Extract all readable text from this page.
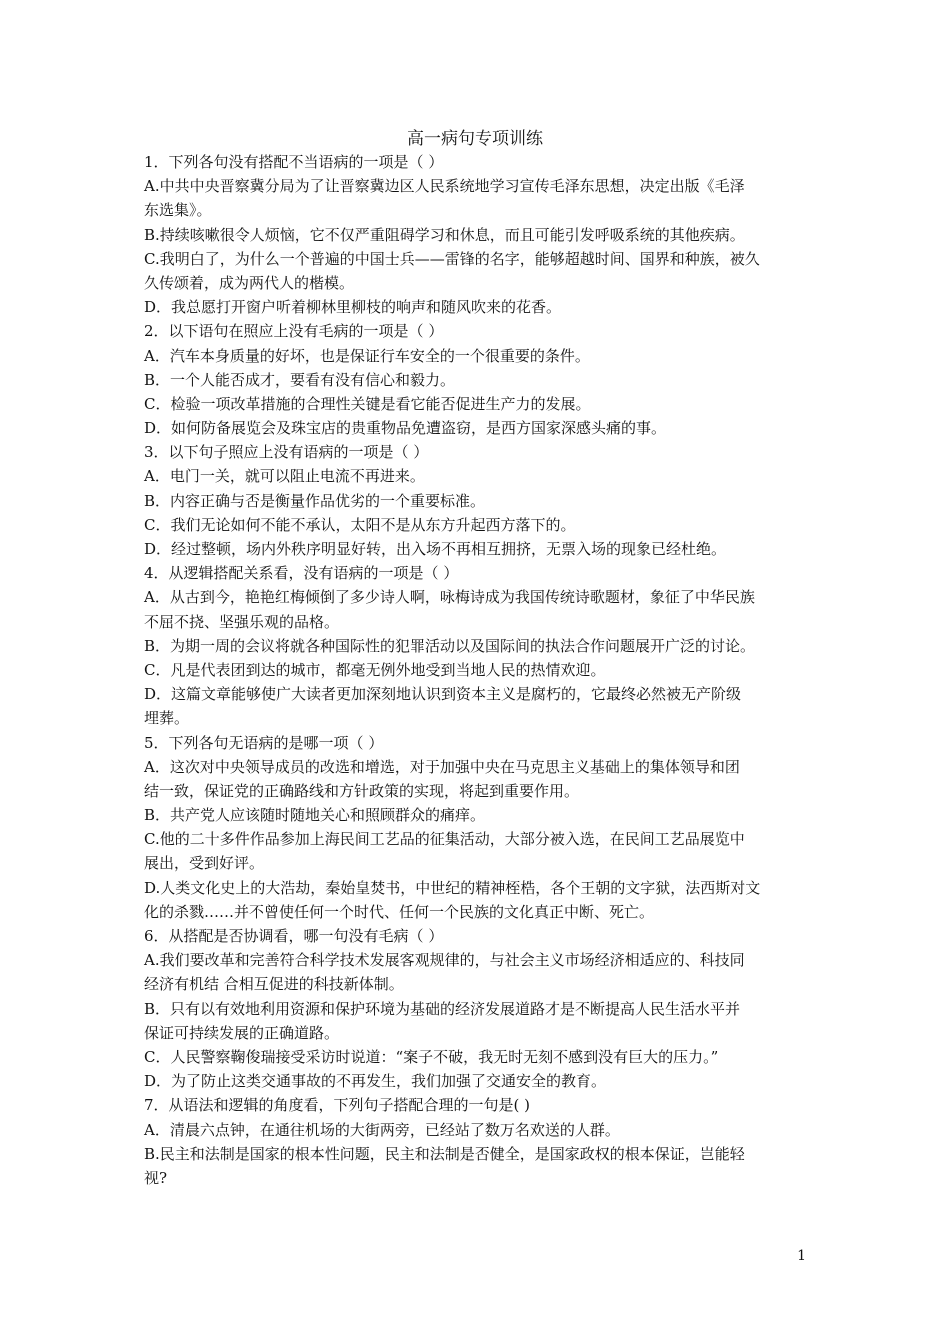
高一病句专项训练
1．下列各句没有搭配不当语病的一项是（ ）
A.中共中央晋察冀分局为了让晋察冀边区人民系统地学习宣传毛泽东思想，决定出版《毛泽
东选集》。
B.持续咳嗽很令人烦恼，它不仅严重阻碍学习和休息，而且可能引发呼吸系统的其他疾病。
C.我明白了，为什么一个普遍的中国士兵——雷锋的名字，能够超越时间、国界和种族，被久
久传颂着，成为两代人的楷模。
D．我总愿打开窗户听着柳林里柳枝的响声和随风吹来的花香。
2．以下语句在照应上没有毛病的一项是（ ）
A．汽车本身质量的好坏，也是保证行车安全的一个很重要的条件。
B．一个人能否成才，要看有没有信心和毅力。
C．检验一项改革措施的合理性关键是看它能否促进生产力的发展。
D．如何防备展览会及珠宝店的贵重物品免遭盗窃，是西方国家深感头痛的事。
3．以下句子照应上没有语病的一项是（ ）
A．电门一关，就可以阻止电流不再进来。
B．内容正确与否是衡量作品优劣的一个重要标准。
C．我们无论如何不能不承认，太阳不是从东方升起西方落下的。
D．经过整顿，场内外秩序明显好转，出入场不再相互拥挤，无票入场的现象已经杜绝。
4．从逻辑搭配关系看，没有语病的一项是（ ）
A．从古到今，艳艳红梅倾倒了多少诗人啊，咏梅诗成为我国传统诗歌题材，象征了中华民族
不屈不挠、坚强乐观的品格。
B．为期一周的会议将就各种国际性的犯罪活动以及国际间的执法合作问题展开广泛的讨论。
C．凡是代表团到达的城市，都毫无例外地受到当地人民的热情欢迎。
D．这篇文章能够使广大读者更加深刻地认识到资本主义是腐朽的，它最终必然被无产阶级
埋葬。
5．下列各句无语病的是哪一项（ ）
A．这次对中央领导成员的改选和增选，对于加强中央在马克思主义基础上的集体领导和团
结一致，保证党的正确路线和方针政策的实现，将起到重要作用。
B．共产党人应该随时随地关心和照顾群众的痛痒。
C.他的二十多件作品参加上海民间工艺品的征集活动，大部分被入选，在民间工艺品展览中
展出，受到好评。
D.人类文化史上的大浩劫，秦始皇焚书，中世纪的精神桎梏，各个王朝的文字狱，法西斯对文
化的杀戮……并不曾使任何一个时代、任何一个民族的文化真正中断、死亡。
6．从搭配是否协调看，哪一句没有毛病（ ）
A.我们要改革和完善符合科学技术发展客观规律的，与社会主义市场经济相适应的、科技同
经济有机结 合相互促进的科技新体制。
B．只有以有效地利用资源和保护环境为基础的经济发展道路才是不断提高人民生活水平并
保证可持续发展的正确道路。
C．人民警察鞠俊瑞接受采访时说道：“案子不破，我无时无刻不感到没有巨大的压力。”
D．为了防止这类交通事故的不再发生，我们加强了交通安全的教育。
7．从语法和逻辑的角度看，下列句子搭配合理的一句是( )
A．清晨六点钟，在通往机场的大街两旁，已经站了数万名欢送的人群。
B.民主和法制是国家的根本性问题，民主和法制是否健全，是国家政权的根本保证，岂能轻
视?
1
